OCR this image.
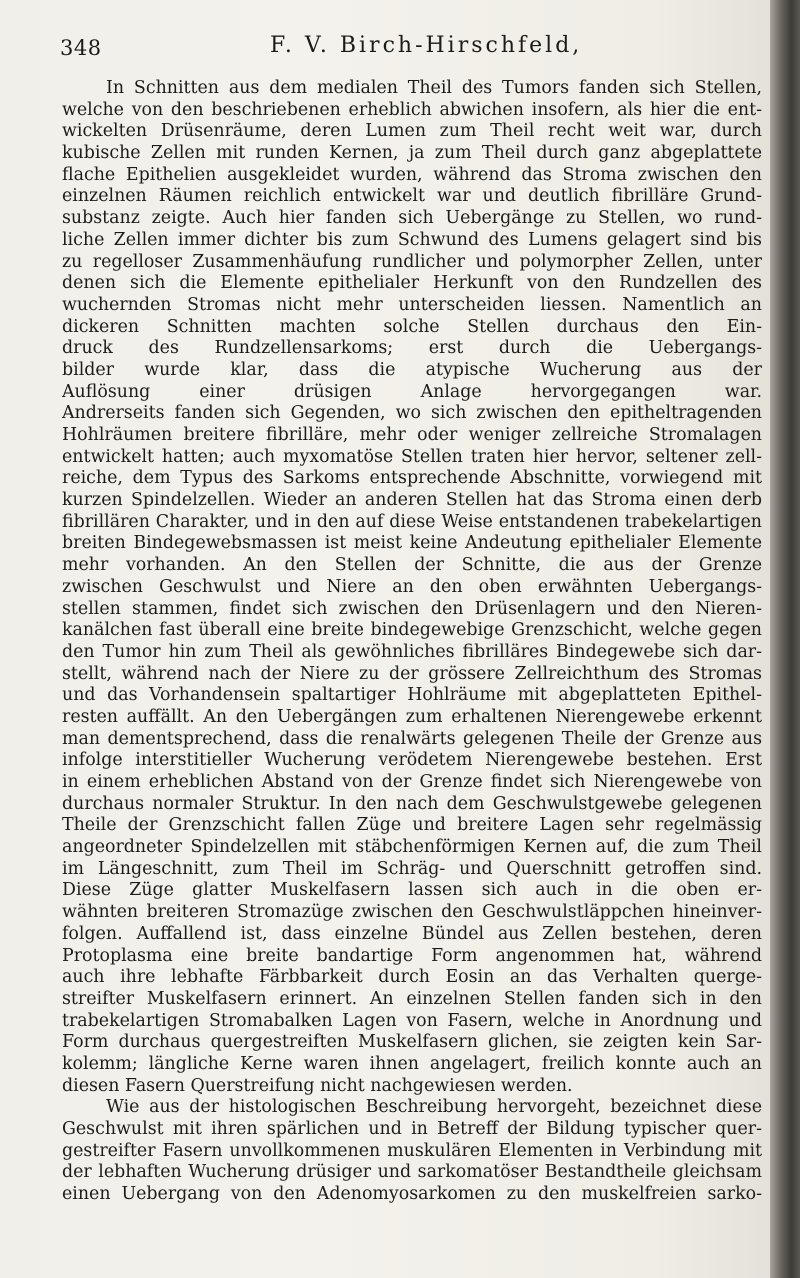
348	F. V. Birch-Hirschfeld,
In Schnitten aus dem medialen Theil des Tumors fanden sich Stellen,
welche von den beschriebenen erheblich abwichen insofern, als hier die ent-
wickelten Drüsenräume, deren Lumen zum Theil recht weit war, durch
kubische Zellen mit runden Kernen, ja zum Theil durch ganz abgeplattete
flache Epithelien ausgekleidet wurden, während das Stroma zwischen den
einzelnen Räumen reichlich entwickelt war und deutlich fibrilläre Grund-
substanz zeigte. Auch hier fanden sich Uebergänge zu Stellen, wo rund-
liche Zellen immer dichter bis zum Schwund des Lumens gelagert sind bis
zu regelloser Zusammenhäufung rundlicher und polymorpher Zellen, unter
denen sich die Elemente epithelialer Herkunft von den Rundzellen des
wuchernden Stromas nicht mehr unterscheiden liessen. Namentlich an
dickeren Schnitten machten solche Stellen durchaus den Ein-
druck des Rundzellensarkoms; erst durch die Uebergangs-
bilder wurde klar, dass die atypische Wucherung aus der
Auflösung einer drüsigen Anlage hervorgegangen war.
Andrerseits fanden sich Gegenden, wo sich zwischen den epitheltragenden
Hohlräumen breitere fibrilläre, mehr oder weniger zellreiche Stromalagen
entwickelt hatten; auch myxomatöse Stellen traten hier hervor, seltener zell-
reiche, dem Typus des Sarkoms entsprechende Abschnitte, vorwiegend mit
kurzen Spindelzellen. Wieder an anderen Stellen hat das Stroma einen derb
fibrillären Charakter, und in den auf diese Weise entstandenen trabekelartigen
breiten Bindegewebsmassen ist meist keine Andeutung epithelialer Elemente
mehr vorhanden. An den Stellen der Schnitte, die aus der Grenze
zwischen Geschwulst und Niere an den oben erwähnten Uebergangs-
stellen stammen, findet sich zwischen den Drüsenlagern und den Nieren-
kanälchen fast überall eine breite bindegewebige Grenzschicht, welche gegen
den Tumor hin zum Theil als gewöhnliches fibrilläres Bindegewebe sich dar-
stellt, während nach der Niere zu der grössere Zellreichthum des Stromas
und das Vorhandensein spaltartiger Hohlräume mit abgeplatteten Epithel-
resten auffällt. An den Uebergängen zum erhaltenen Nierengewebe erkennt
man dementsprechend, dass die renalwärts gelegenen Theile der Grenze aus
infolge interstitieller Wucherung verödetem Nierengewebe bestehen. Erst
in einem erheblichen Abstand von der Grenze findet sich Nierengewebe von
durchaus normaler Struktur. In den nach dem Geschwulstgewebe gelegenen
Theile der Grenzschicht fallen Züge und breitere Lagen sehr regelmässig
angeordneter Spindelzellen mit stäbchenförmigen Kernen auf, die zum Theil
im Längeschnitt, zum Theil im Schräg- und Querschnitt getroffen sind.
Diese Züge glatter Muskelfasern lassen sich auch in die oben er-
wähnten breiteren Stromazüge zwischen den Geschwulstläppchen hineinver-
folgen. Auffallend ist, dass einzelne Bündel aus Zellen bestehen, deren
Protoplasma eine breite bandartige Form angenommen hat, während
auch ihre lebhafte Färbbarkeit durch Eosin an das Verhalten querge-
streifter Muskelfasern erinnert. An einzelnen Stellen fanden sich in den
trabekelartigen Stromabalken Lagen von Fasern, welche in Anordnung und
Form durchaus quergestreiften Muskelfasern glichen, sie zeigten kein Sar-
kolemm; längliche Kerne waren ihnen angelagert, freilich konnte auch an
diesen Fasern Querstreifung nicht nachgewiesen werden.
Wie aus der histologischen Beschreibung hervorgeht, bezeichnet diese
Geschwulst mit ihren spärlichen und in Betreff der Bildung typischer quer-
gestreifter Fasern unvollkommenen muskulären Elementen in Verbindung mit
der lebhaften Wucherung drüsiger und sarkomatöser Bestandtheile gleichsam
einen Uebergang von den Adenomyosarkomen zu den muskelfreien sarko-
